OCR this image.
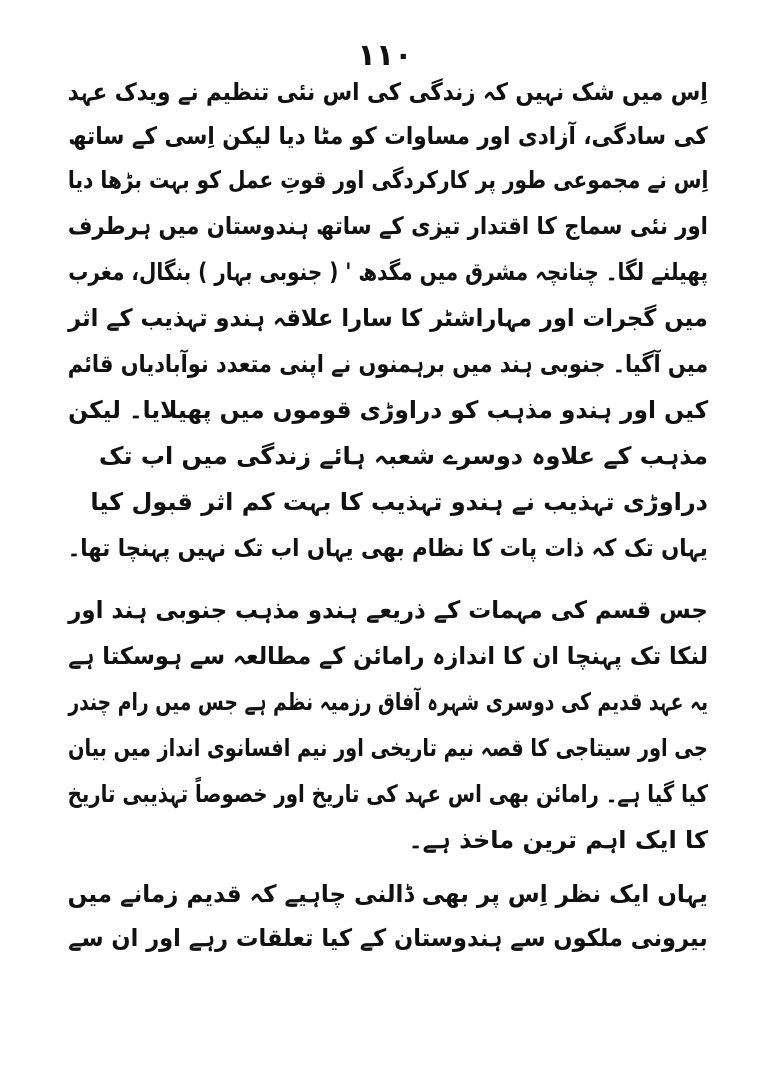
١١٠
اِس میں شک نہیں کہ زندگی کی اس نئی تنظیم نے ویدک عہد
کی سادگی، آزادی اور مساوات کو مٹا دیا لیکن اِسی کے ساتھ
اِس نے مجموعی طور پر کارکردگی اور قوتِ عمل کو بہت بڑھا دیا
اور نئی سماج کا اقتدار تیزی کے ساتھ ہندوستان میں ہرطرف
پھیلنے لگا۔ چنانچہ مشرق میں مگدھ ' ( جنوبی بہار ) بنگال، مغرب
میں گجرات اور مہاراشٹر کا سارا علاقہ ہندو تہذیب کے اثر
میں آگیا۔ جنوبی ہند میں برہمنوں نے اپنی متعدد نوآبادیاں قائم
کیں اور ہندو مذہب کو دراوڑی قوموں میں پھیلایا۔ لیکن
مذہب کے علاوہ دوسرے شعبہ ہائے زندگی میں اب تک
دراوڑی تہذیب نے ہندو تہذیب کا بہت کم اثر قبول کیا
یہاں تک کہ ذات پات کا نظام بھی یہاں اب تک نہیں پہنچا تھا۔
جس قسم کی مہمات کے ذریعے ہندو مذہب جنوبی ہند اور
لنکا تک پہنچا ان کا اندازہ رامائن کے مطالعہ سے ہوسکتا ہے
یہ عہد قدیم کی دوسری شہرہ آفاق رزمیہ نظم ہے جس میں رام چندر
جی اور سیتاجی کا قصہ نیم تاریخی اور نیم افسانوی انداز میں بیان
کیا گیا ہے۔ رامائن بھی اس عہد کی تاریخ اور خصوصاً تہذیبی تاریخ
کا ایک اہم ترین ماخذ ہے۔
یہاں ایک نظر اِس پر بھی ڈالنی چاہیے کہ قدیم زمانے میں
بیرونی ملکوں سے ہندوستان کے کیا تعلقات رہے اور ان سے
